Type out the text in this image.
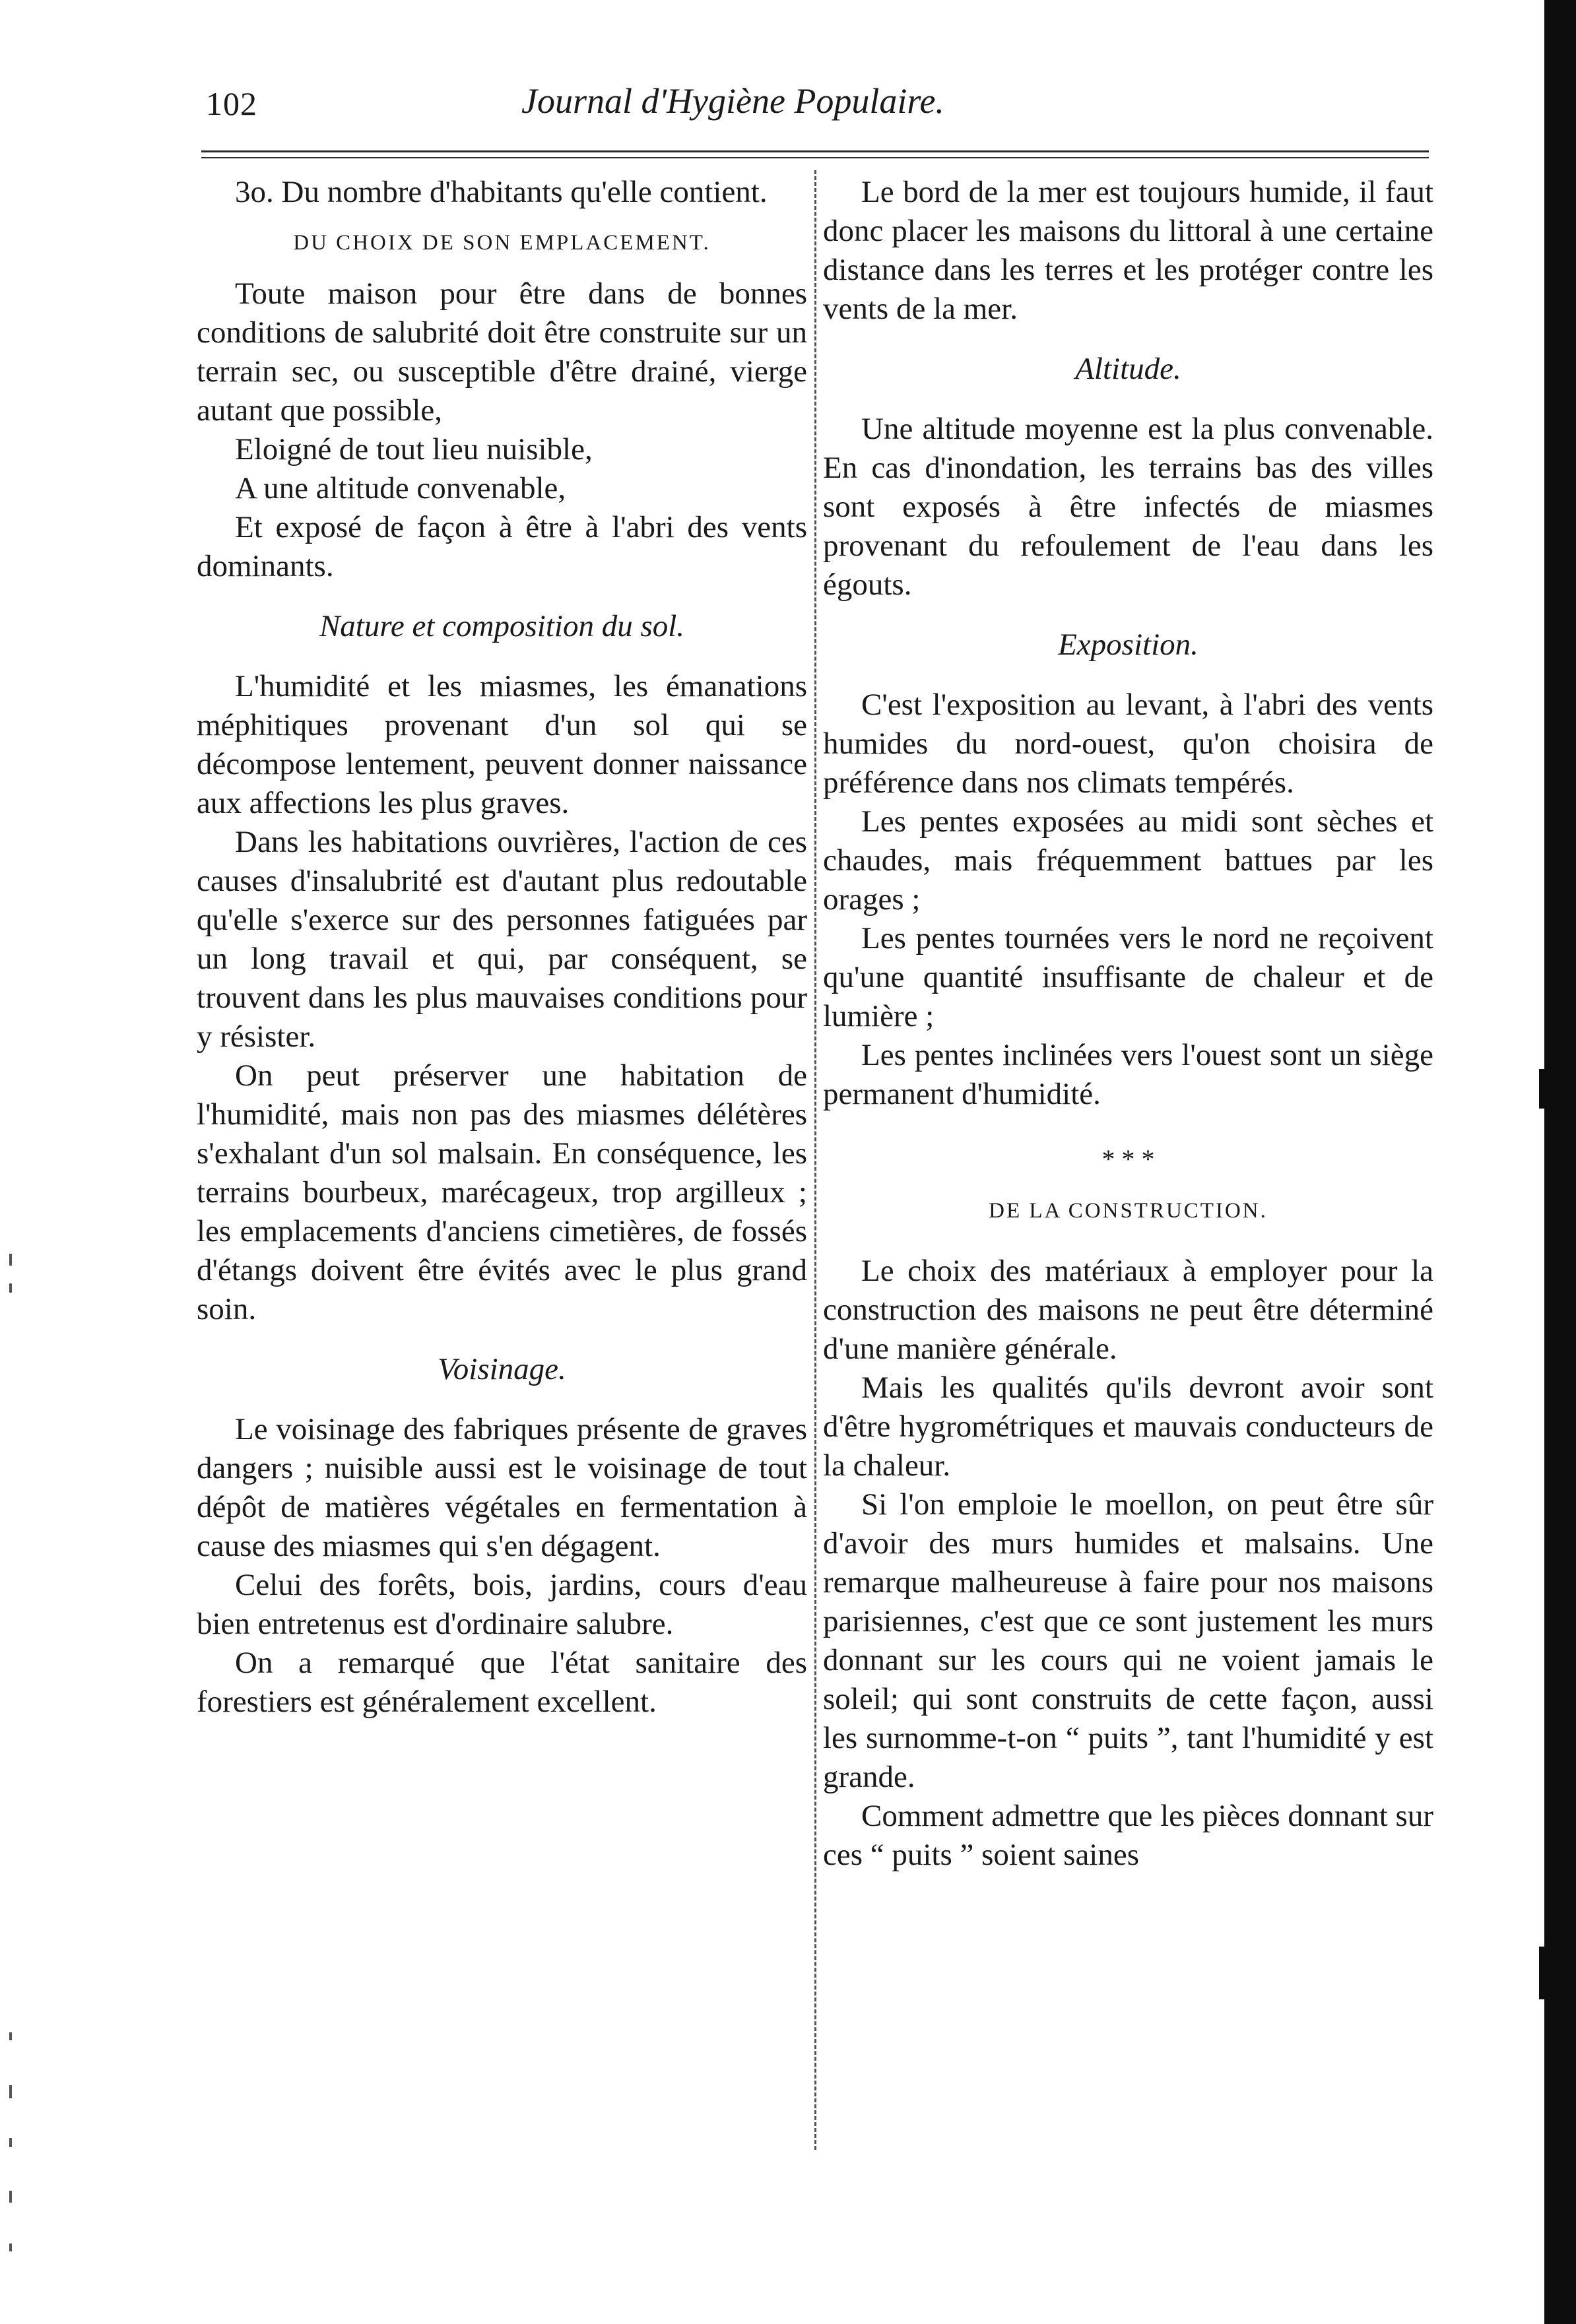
102	Journal d'Hygiène Populaire.

3o. Du nombre d'habitants qu'elle contient.

DU CHOIX DE SON EMPLACEMENT.

Toute maison pour être dans de bonnes conditions de salubrité doit être construite sur un terrain sec, ou susceptible d'être drainé, vierge autant que possible,

Eloigné de tout lieu nuisible,

A une altitude convenable,

Et exposé de façon à être à l'abri des vents dominants.

Nature et composition du sol.

L'humidité et les miasmes, les émanations méphitiques provenant d'un sol qui se décompose lentement, peuvent donner naissance aux affections les plus graves.

Dans les habitations ouvrières, l'action de ces causes d'insalubrité est d'autant plus redoutable qu'elle s'exerce sur des personnes fatiguées par un long travail et qui, par conséquent, se trouvent dans les plus mauvaises conditions pour y résister.

On peut préserver une habitation de l'humidité, mais non pas des miasmes délétères s'exhalant d'un sol malsain. En conséquence, les terrains bourbeux, marécageux, trop argilleux ; les emplacements d'anciens cimetières, de fossés d'étangs doivent être évités avec le plus grand soin.

Voisinage.

Le voisinage des fabriques présente de graves dangers ; nuisible aussi est le voisinage de tout dépôt de matières végétales en fermentation à cause des miasmes qui s'en dégagent.

Celui des forêts, bois, jardins, cours d'eau bien entretenus est d'ordinaire salubre.

On a remarqué que l'état sanitaire des forestiers est généralement excellent.

Le bord de la mer est toujours humide, il faut donc placer les maisons du littoral à une certaine distance dans les terres et les protéger contre les vents de la mer.

Altitude.

Une altitude moyenne est la plus convenable. En cas d'inondation, les terrains bas des villes sont exposés à être infectés de miasmes provenant du refoulement de l'eau dans les égouts.

Exposition.

C'est l'exposition au levant, à l'abri des vents humides du nord-ouest, qu'on choisira de préférence dans nos climats tempérés.

Les pentes exposées au midi sont sèches et chaudes, mais fréquemment battues par les orages ;

Les pentes tournées vers le nord ne reçoivent qu'une quantité insuffisante de chaleur et de lumière ;

Les pentes inclinées vers l'ouest sont un siège permanent d'humidité.

* * *
DE LA CONSTRUCTION.

Le choix des matériaux à employer pour la construction des maisons ne peut être déterminé d'une manière générale.

Mais les qualités qu'ils devront avoir sont d'être hygrométriques et mauvais conducteurs de la chaleur.

Si l'on emploie le moellon, on peut être sûr d'avoir des murs humides et malsains. Une remarque malheureuse à faire pour nos maisons parisiennes, c'est que ce sont justement les murs donnant sur les cours qui ne voient jamais le soleil; qui sont construits de cette façon, aussi les surnomme-t-on “ puits ”, tant l'humidité y est grande.

Comment admettre que les pièces donnant sur ces “ puits ” soient saines
